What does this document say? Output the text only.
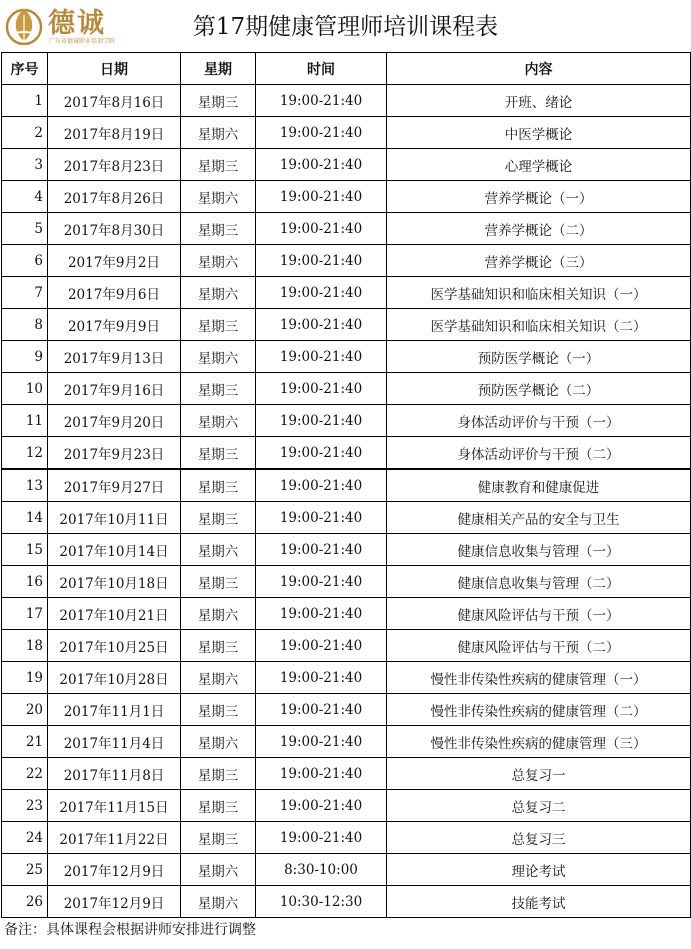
德诚
广东省德诚职业培训学院
第17期健康管理师培训课程表
序号	日期	星期	时间	内容
1	2017年8月16日	星期三	19:00-21:40	开班、绪论
2	2017年8月19日	星期六	19:00-21:40	中医学概论
3	2017年8月23日	星期三	19:00-21:40	心理学概论
4	2017年8月26日	星期六	19:00-21:40	营养学概论（一）
5	2017年8月30日	星期三	19:00-21:40	营养学概论（二）
6	2017年9月2日	星期六	19:00-21:40	营养学概论（三）
7	2017年9月6日	星期六	19:00-21:40	医学基础知识和临床相关知识（一）
8	2017年9月9日	星期三	19:00-21:40	医学基础知识和临床相关知识（二）
9	2017年9月13日	星期六	19:00-21:40	预防医学概论（一）
10	2017年9月16日	星期三	19:00-21:40	预防医学概论（二）
11	2017年9月20日	星期六	19:00-21:40	身体活动评价与干预（一）
12	2017年9月23日	星期三	19:00-21:40	身体活动评价与干预（二）
13	2017年9月27日	星期三	19:00-21:40	健康教育和健康促进
14	2017年10月11日	星期三	19:00-21:40	健康相关产品的安全与卫生
15	2017年10月14日	星期六	19:00-21:40	健康信息收集与管理（一）
16	2017年10月18日	星期三	19:00-21:40	健康信息收集与管理（二）
17	2017年10月21日	星期六	19:00-21:40	健康风险评估与干预（一）
18	2017年10月25日	星期三	19:00-21:40	健康风险评估与干预（二）
19	2017年10月28日	星期六	19:00-21:40	慢性非传染性疾病的健康管理（一）
20	2017年11月1日	星期三	19:00-21:40	慢性非传染性疾病的健康管理（二）
21	2017年11月4日	星期六	19:00-21:40	慢性非传染性疾病的健康管理（三）
22	2017年11月8日	星期三	19:00-21:40	总复习一
23	2017年11月15日	星期三	19:00-21:40	总复习二
24	2017年11月22日	星期三	19:00-21:40	总复习三
25	2017年12月9日	星期六	8:30-10:00	理论考试
26	2017年12月9日	星期六	10:30-12:30	技能考试
备注：具体课程会根据讲师安排进行调整
